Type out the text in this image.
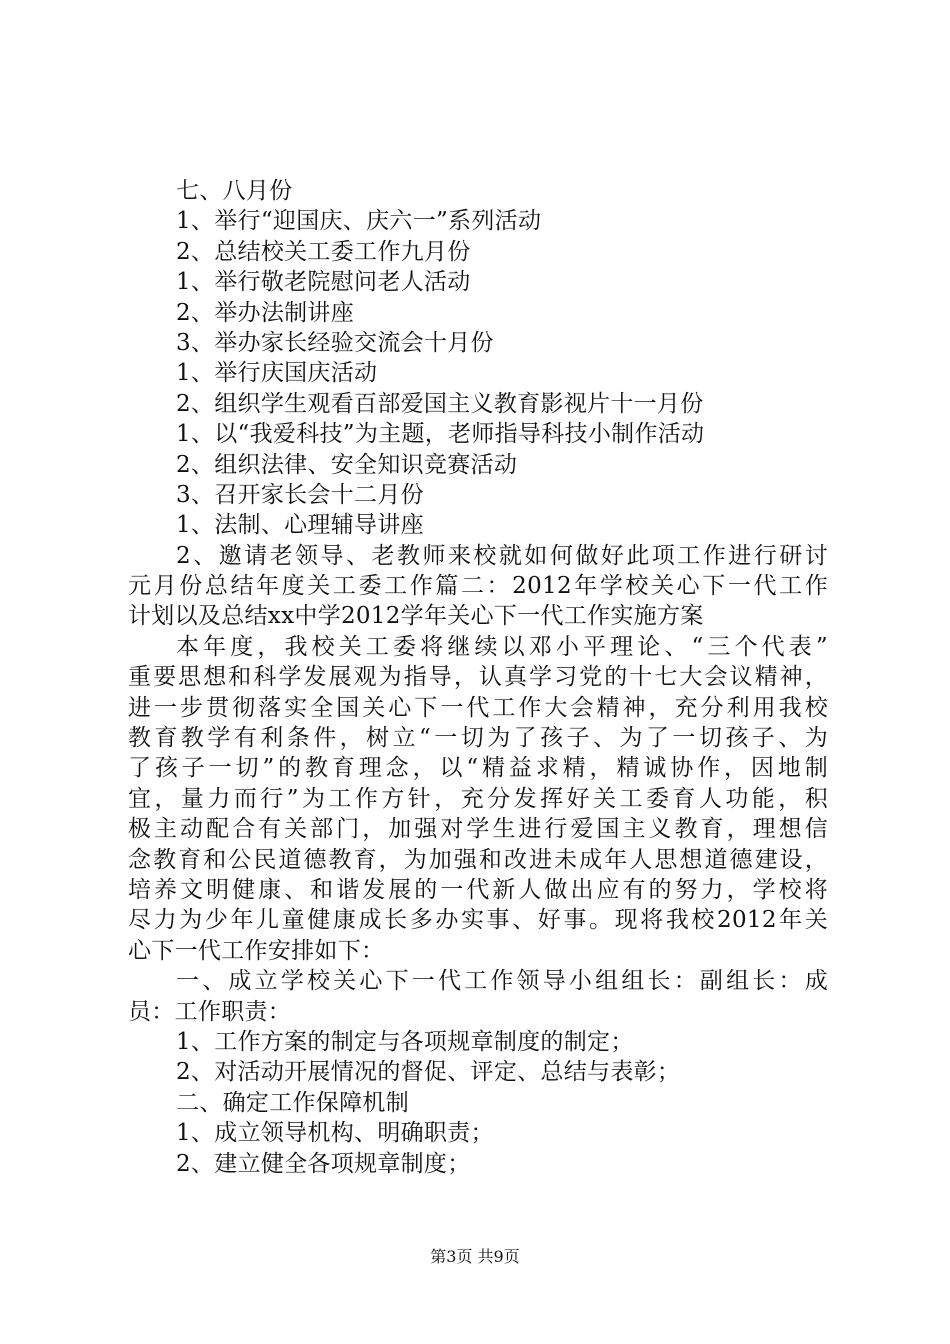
七、八月份
1、举行“迎国庆、庆六一”系列活动
2、总结校关工委工作九月份
1、举行敬老院慰问老人活动
2、举办法制讲座
3、举办家长经验交流会十月份
1、举行庆国庆活动
2、组织学生观看百部爱国主义教育影视片十一月份
1、以“我爱科技”为主题，老师指导科技小制作活动
2、组织法律、安全知识竞赛活动
3、召开家长会十二月份
1、法制、心理辅导讲座
2、邀请老领导、老教师来校就如何做好此项工作进行研讨
元月份总结年度关工委工作篇二：2012年学校关心下一代工作
计划以及总结xx中学2012学年关心下一代工作实施方案
本年度，我校关工委将继续以邓小平理论、“三个代表”
重要思想和科学发展观为指导，认真学习党的十七大会议精神，
进一步贯彻落实全国关心下一代工作大会精神，充分利用我校
教育教学有利条件，树立“一切为了孩子、为了一切孩子、为
了孩子一切”的教育理念，以“精益求精，精诚协作，因地制
宜，量力而行”为工作方针，充分发挥好关工委育人功能，积
极主动配合有关部门，加强对学生进行爱国主义教育，理想信
念教育和公民道德教育，为加强和改进未成年人思想道德建设，
培养文明健康、和谐发展的一代新人做出应有的努力，学校将
尽力为少年儿童健康成长多办实事、好事。现将我校2012年关
心下一代工作安排如下：
一、成立学校关心下一代工作领导小组组长：副组长：成
员：工作职责：
1、工作方案的制定与各项规章制度的制定；
2、对活动开展情况的督促、评定、总结与表彰；
二、确定工作保障机制
1、成立领导机构、明确职责；
2、建立健全各项规章制度；
第3页 共9页
